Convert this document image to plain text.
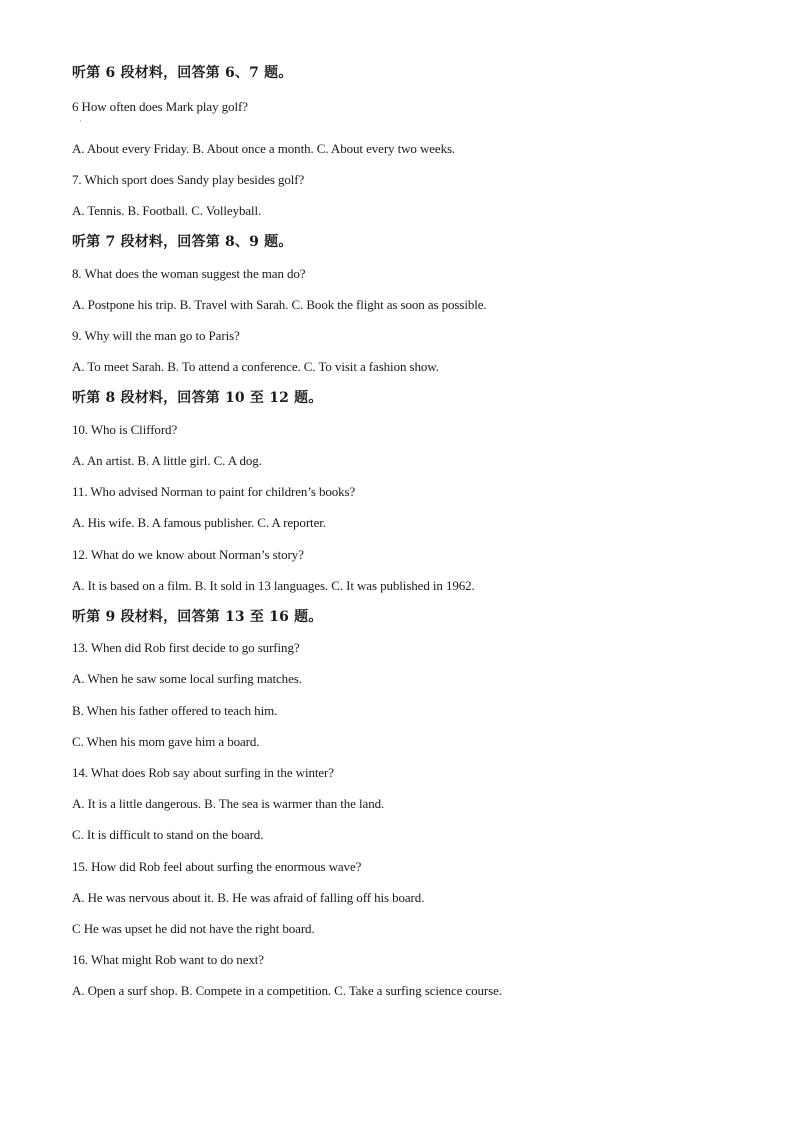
·
听第 6 段材料，回答第 6、7 题。
6 How often does Mark play golf?
A. About every Friday. B. About once a month. C. About every two weeks.
7. Which sport does Sandy play besides golf?
A. Tennis. B. Football. C. Volleyball.
听第 7 段材料，回答第 8、9 题。
8. What does the woman suggest the man do?
A. Postpone his trip. B. Travel with Sarah. C. Book the flight as soon as possible.
9. Why will the man go to Paris?
A. To meet Sarah. B. To attend a conference. C. To visit a fashion show.
听第 8 段材料，回答第 10 至 12 题。
10. Who is Clifford?
A. An artist. B. A little girl. C. A dog.
11. Who advised Norman to paint for children’s books?
A. His wife. B. A famous publisher. C. A reporter.
12. What do we know about Norman’s story?
A. It is based on a film. B. It sold in 13 languages. C. It was published in 1962.
听第 9 段材料，回答第 13 至 16 题。
13. When did Rob first decide to go surfing?
A. When he saw some local surfing matches.
B. When his father offered to teach him.
C. When his mom gave him a board.
14. What does Rob say about surfing in the winter?
A. It is a little dangerous. B. The sea is warmer than the land.
C. It is difficult to stand on the board.
15. How did Rob feel about surfing the enormous wave?
A. He was nervous about it. B. He was afraid of falling off his board.
C He was upset he did not have the right board.
16. What might Rob want to do next?
A. Open a surf shop. B. Compete in a competition. C. Take a surfing science course.
